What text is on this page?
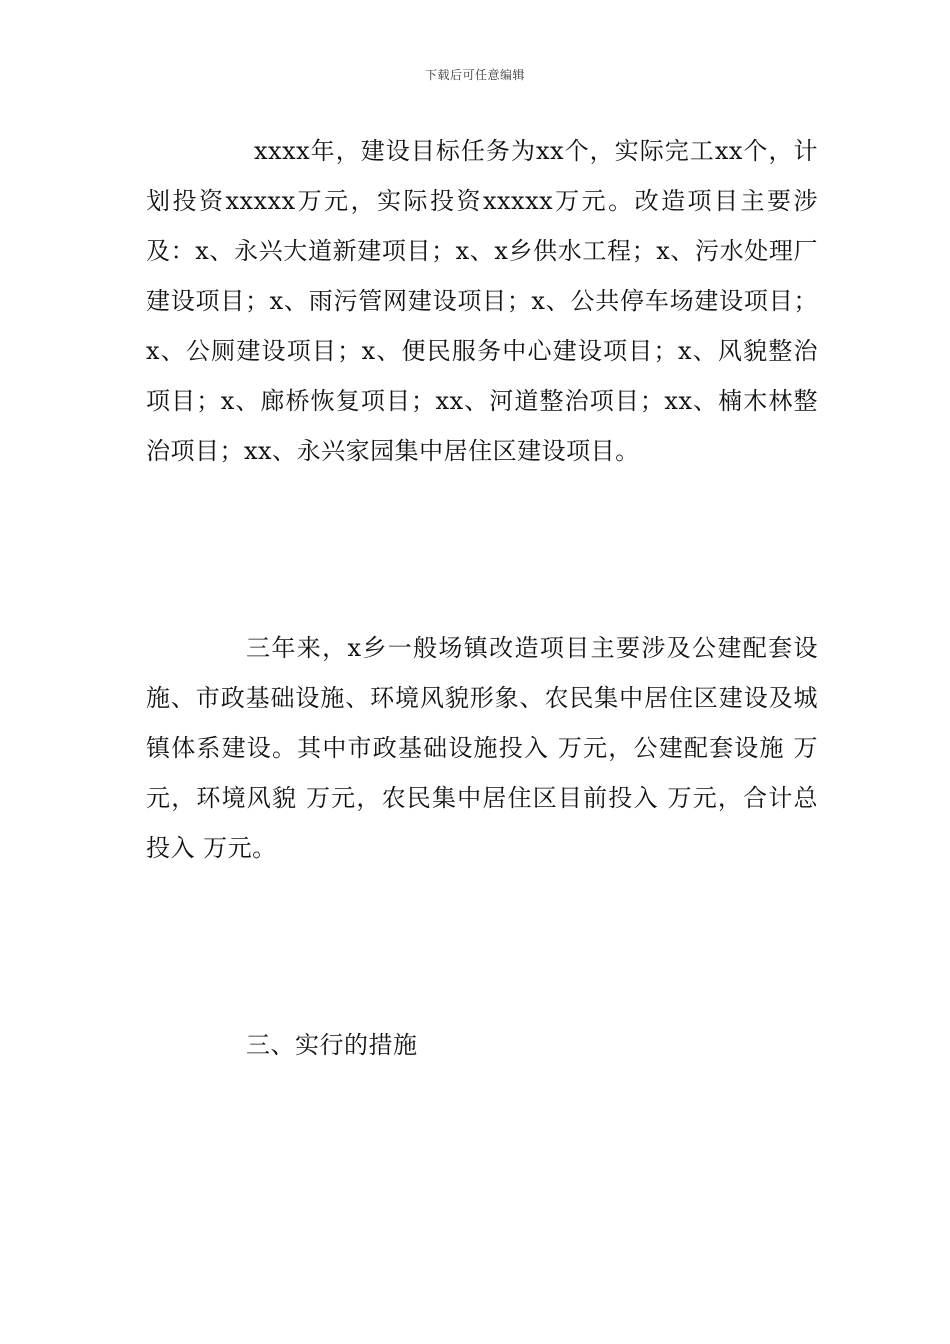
下载后可任意编辑

xxxx年，建设目标任务为xx个，实际完工xx个，计划投资xxxxx万元，实际投资xxxxx万元。改造项目主要涉及：x、永兴大道新建项目；x、x乡供水工程；x、污水处理厂建设项目；x、雨污管网建设项目；x、公共停车场建设项目；x、公厕建设项目；x、便民服务中心建设项目；x、风貌整治项目；x、廊桥恢复项目；xx、河道整治项目；xx、楠木林整治项目；xx、永兴家园集中居住区建设项目。

三年来，x乡一般场镇改造项目主要涉及公建配套设施、市政基础设施、环境风貌形象、农民集中居住区建设及城镇体系建设。其中市政基础设施投入 万元，公建配套设施 万元，环境风貌 万元，农民集中居住区目前投入 万元，合计总投入 万元。

三、实行的措施
